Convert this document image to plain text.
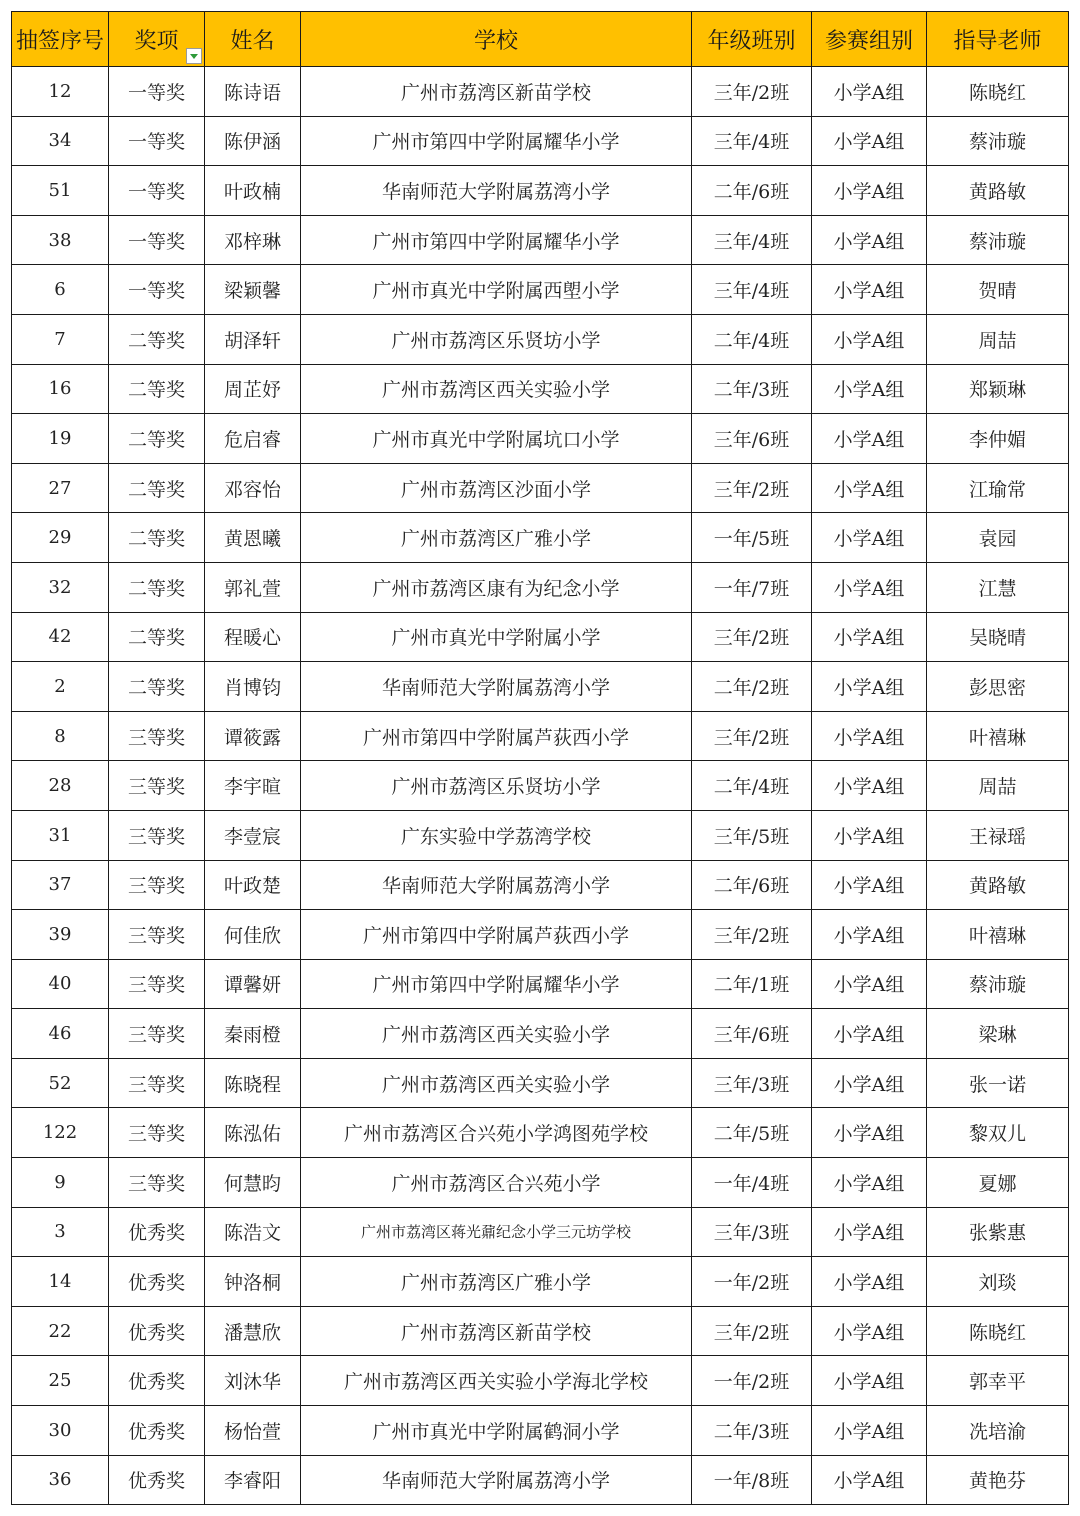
抽签序号	奖项	姓名	学校	年级班别	参赛组别	指导老师
12	一等奖	陈诗语	广州市荔湾区新苗学校	三年/2班	小学A组	陈晓红
34	一等奖	陈伊涵	广州市第四中学附属耀华小学	三年/4班	小学A组	蔡沛璇
51	一等奖	叶政楠	华南师范大学附属荔湾小学	二年/6班	小学A组	黄路敏
38	一等奖	邓梓琳	广州市第四中学附属耀华小学	三年/4班	小学A组	蔡沛璇
6	一等奖	梁颖馨	广州市真光中学附属西塱小学	三年/4班	小学A组	贺晴
7	二等奖	胡泽轩	广州市荔湾区乐贤坊小学	二年/4班	小学A组	周喆
16	二等奖	周芷妤	广州市荔湾区西关实验小学	二年/3班	小学A组	郑颖琳
19	二等奖	危启睿	广州市真光中学附属坑口小学	三年/6班	小学A组	李仲媚
27	二等奖	邓容怡	广州市荔湾区沙面小学	三年/2班	小学A组	江瑜常
29	二等奖	黄恩曦	广州市荔湾区广雅小学	一年/5班	小学A组	袁园
32	二等奖	郭礼萱	广州市荔湾区康有为纪念小学	一年/7班	小学A组	江慧
42	二等奖	程暖心	广州市真光中学附属小学	三年/2班	小学A组	吴晓晴
2	二等奖	肖博钧	华南师范大学附属荔湾小学	二年/2班	小学A组	彭思密
8	三等奖	谭筱露	广州市第四中学附属芦荻西小学	三年/2班	小学A组	叶禧琳
28	三等奖	李宇暄	广州市荔湾区乐贤坊小学	二年/4班	小学A组	周喆
31	三等奖	李壹宸	广东实验中学荔湾学校	三年/5班	小学A组	王禄瑶
37	三等奖	叶政楚	华南师范大学附属荔湾小学	二年/6班	小学A组	黄路敏
39	三等奖	何佳欣	广州市第四中学附属芦荻西小学	三年/2班	小学A组	叶禧琳
40	三等奖	谭馨妍	广州市第四中学附属耀华小学	二年/1班	小学A组	蔡沛璇
46	三等奖	秦雨橙	广州市荔湾区西关实验小学	三年/6班	小学A组	梁琳
52	三等奖	陈晓程	广州市荔湾区西关实验小学	三年/3班	小学A组	张一诺
122	三等奖	陈泓佑	广州市荔湾区合兴苑小学鸿图苑学校	二年/5班	小学A组	黎双儿
9	三等奖	何慧昀	广州市荔湾区合兴苑小学	一年/4班	小学A组	夏娜
3	优秀奖	陈浩文	广州市荔湾区蒋光鼐纪念小学三元坊学校	三年/3班	小学A组	张紫惠
14	优秀奖	钟洛桐	广州市荔湾区广雅小学	一年/2班	小学A组	刘琰
22	优秀奖	潘慧欣	广州市荔湾区新苗学校	三年/2班	小学A组	陈晓红
25	优秀奖	刘沐华	广州市荔湾区西关实验小学海北学校	一年/2班	小学A组	郭幸平
30	优秀奖	杨怡萱	广州市真光中学附属鹤洞小学	二年/3班	小学A组	冼培渝
36	优秀奖	李睿阳	华南师范大学附属荔湾小学	一年/8班	小学A组	黄艳芬
